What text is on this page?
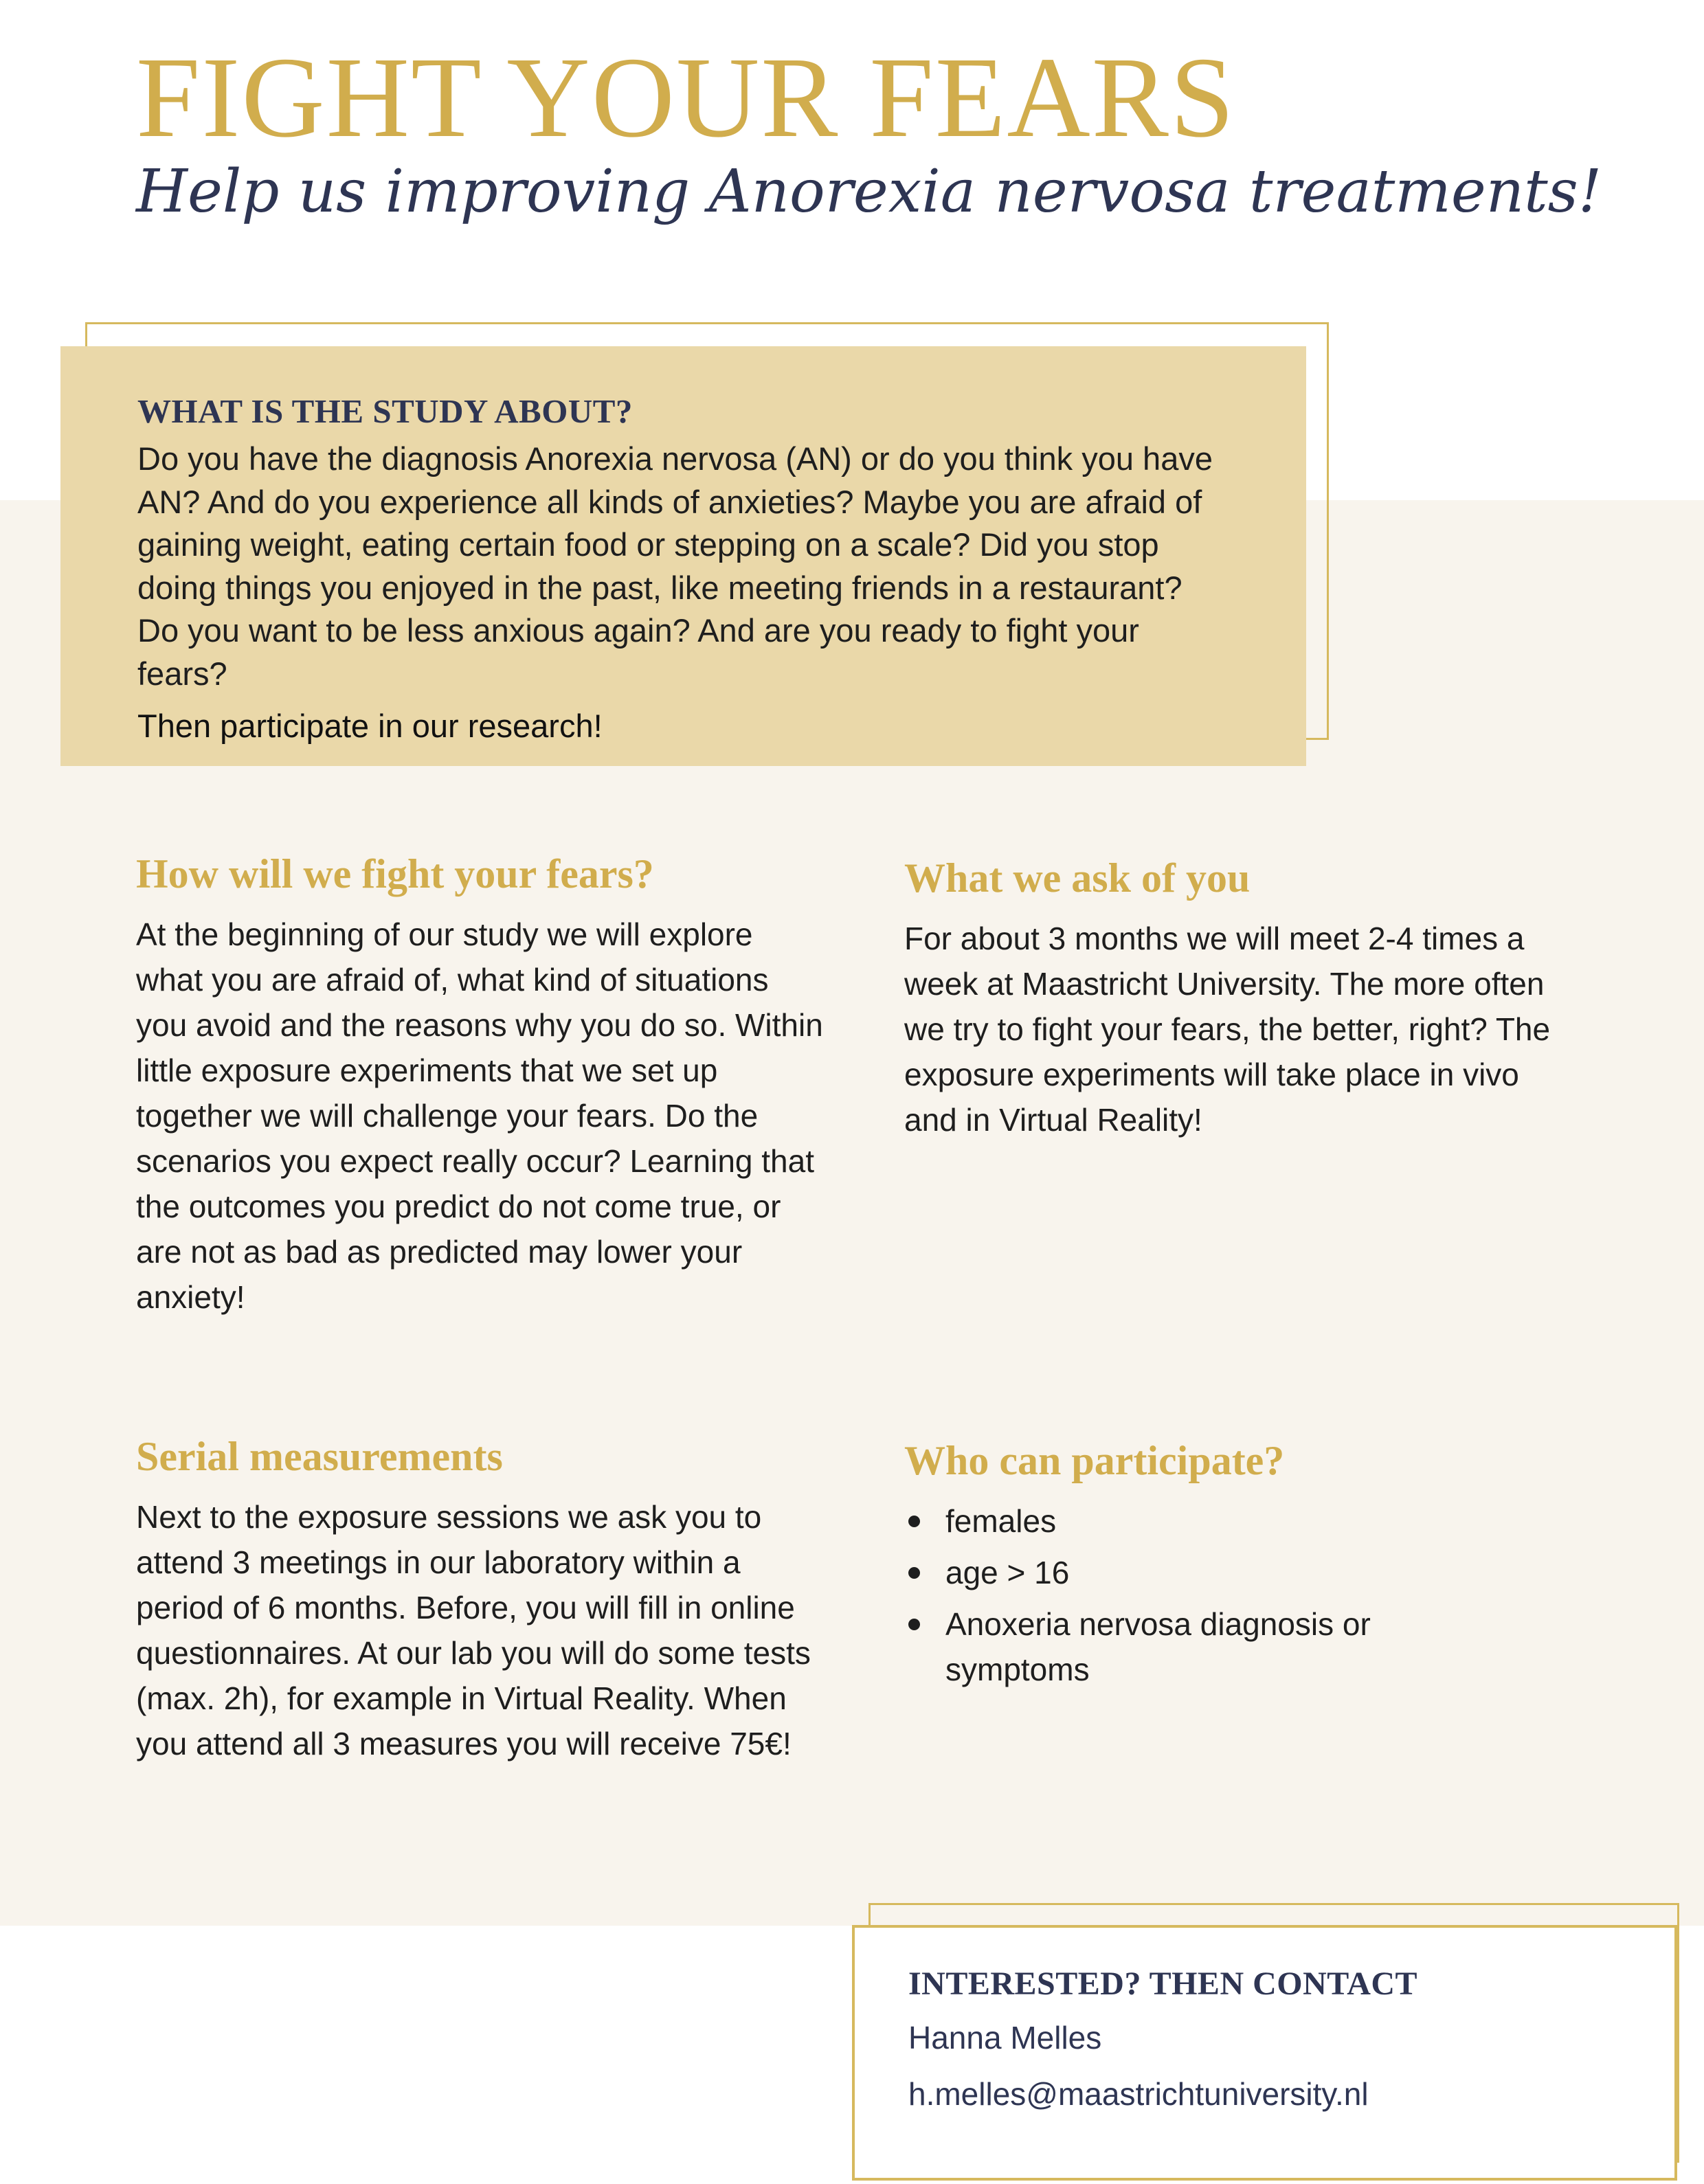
FIGHT YOUR FEARS

Help us improving Anorexia nervosa treatments!

WHAT IS THE STUDY ABOUT?

Do you have the diagnosis Anorexia nervosa (AN) or do you think you have AN? And do you experience all kinds of anxieties? Maybe you are afraid of gaining weight, eating certain food or stepping on a scale? Did you stop doing things you enjoyed in the past, like meeting friends in a restaurant? Do you want to be less anxious again? And are you ready to fight your fears?

Then participate in our research!

How will we fight your fears?

At the beginning of our study we will explore what you are afraid of, what kind of situations you avoid and the reasons why you do so. Within little exposure experiments that we set up together we will challenge your fears. Do the scenarios you expect really occur? Learning that the outcomes you predict do not come true, or are not as bad as predicted may lower your anxiety!

What we ask of you

For about 3 months we will meet 2-4 times a week at Maastricht University. The more often we try to fight your fears, the better, right? The exposure experiments will take place in vivo and in Virtual Reality!

Serial measurements

Next to the exposure sessions we ask you to attend 3 meetings in our laboratory within a period of 6 months. Before, you will fill in online questionnaires. At our lab you will do some tests (max. 2h), for example in Virtual Reality. When you attend all 3 measures you will receive 75€!

Who can participate?
females
age > 16
Anoxeria nervosa diagnosis or symptoms
INTERESTED? THEN CONTACT

Hanna Melles

h.melles@maastrichtuniversity.nl
